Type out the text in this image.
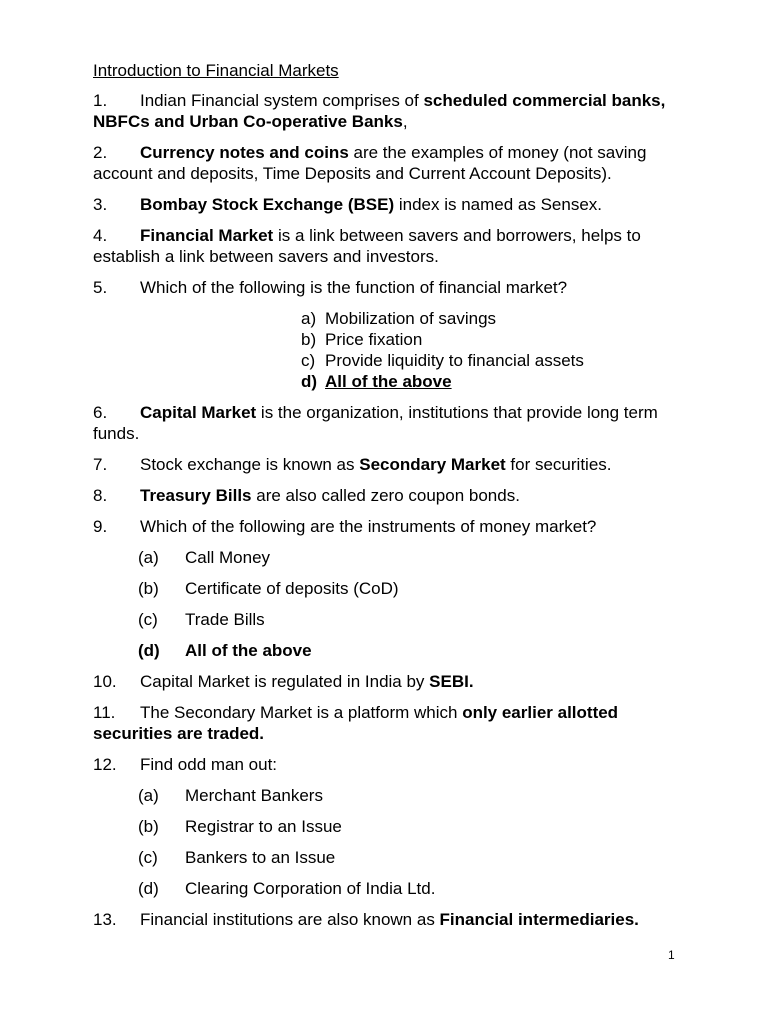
Introduction to Financial Markets
1. Indian Financial system comprises of scheduled commercial banks, NBFCs and Urban Co-operative Banks,
2. Currency notes and coins are the examples of money (not saving account and deposits, Time Deposits and Current Account Deposits).
3. Bombay Stock Exchange (BSE) index is named as Sensex.
4. Financial Market is a link between savers and borrowers, helps to establish a link between savers and investors.
5. Which of the following is the function of financial market?
a) Mobilization of savings
b) Price fixation
c) Provide liquidity to financial assets
d) All of the above
6. Capital Market is the organization, institutions that provide long term funds.
7. Stock exchange is known as Secondary Market for securities.
8. Treasury Bills are also called zero coupon bonds.
9. Which of the following are the instruments of money market?
(a) Call Money
(b) Certificate of deposits (CoD)
(c) Trade Bills
(d) All of the above
10. Capital Market is regulated in India by SEBI.
11. The Secondary Market is a platform which only earlier allotted securities are traded.
12. Find odd man out:
(a) Merchant Bankers
(b) Registrar to an Issue
(c) Bankers to an Issue
(d) Clearing Corporation of India Ltd.
13. Financial institutions are also known as Financial intermediaries.
1
